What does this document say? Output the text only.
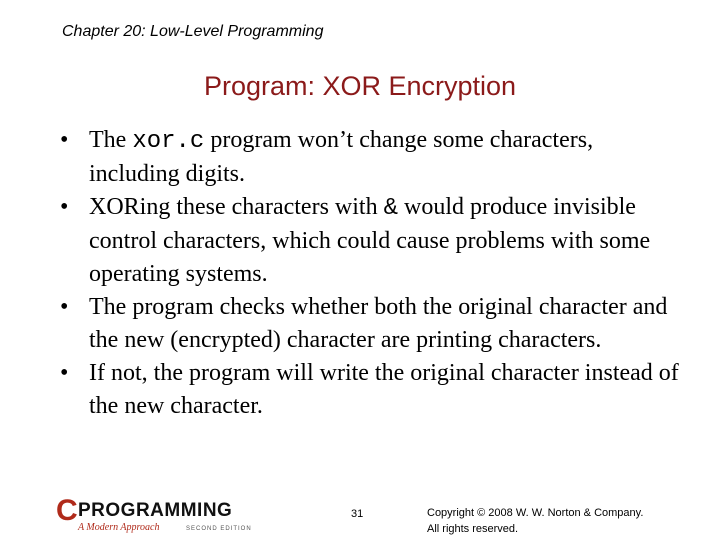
Chapter 20: Low-Level Programming
Program: XOR Encryption
• The xor.c program won’t change some characters, including digits.
• XORing these characters with & would produce invisible control characters, which could cause problems with some operating systems.
• The program checks whether both the original character and the new (encrypted) character are printing characters.
• If not, the program will write the original character instead of the new character.
C PROGRAMMING
A Modern Approach	SECOND EDITION
31	Copyright © 2008 W. W. Norton & Company.
All rights reserved.
